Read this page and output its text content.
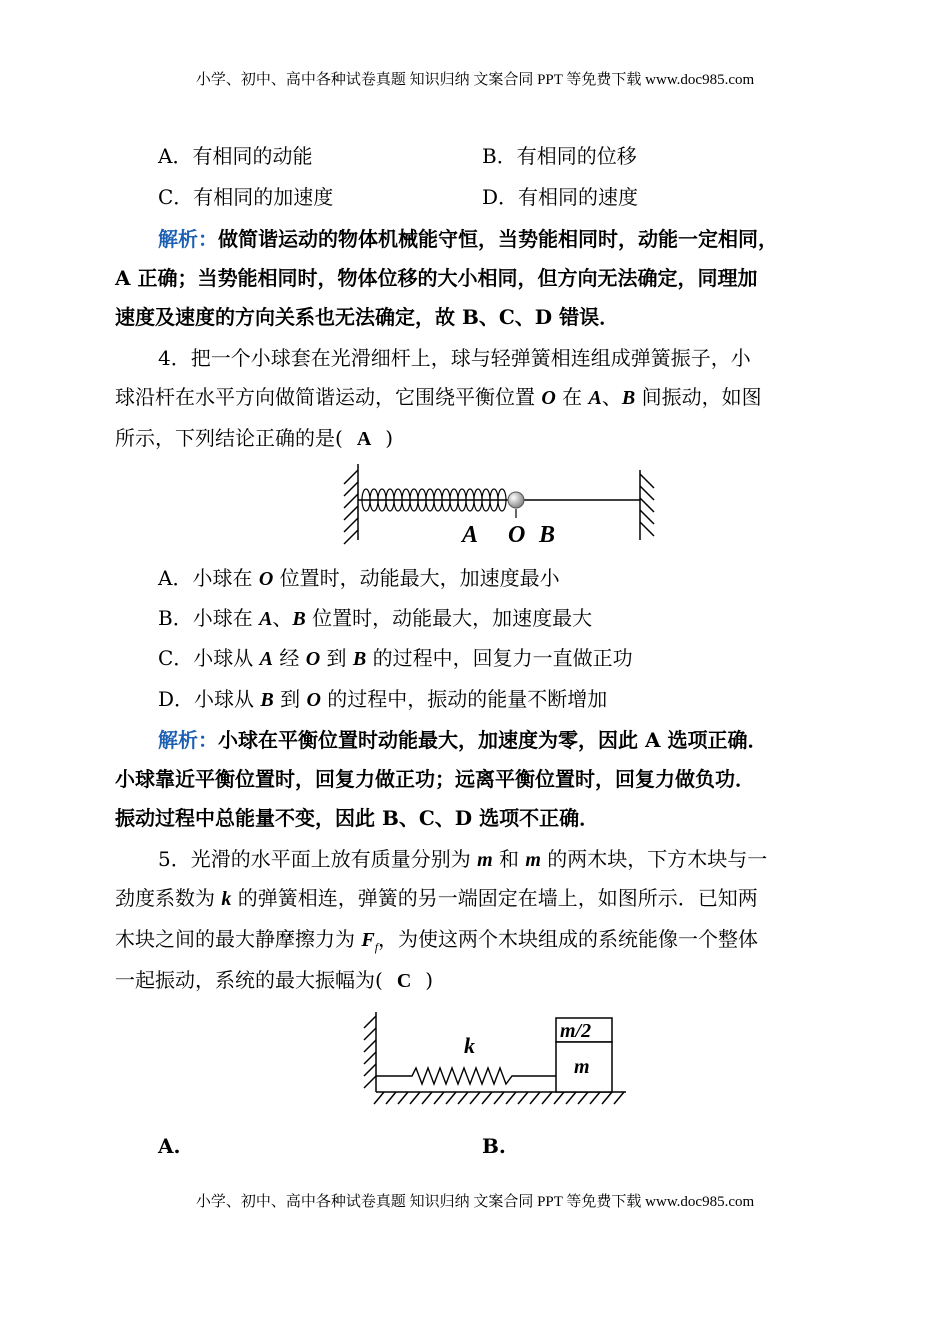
小学、初中、高中各种试卷真题 知识归纳 文案合同 PPT 等免费下载 www.doc985.com
A．有相同的动能	B．有相同的位移
C．有相同的加速度	D．有相同的速度
解析：做简谐运动的物体机械能守恒，当势能相同时，动能一定相同，
A 正确；当势能相同时，物体位移的大小相同，但方向无法确定，同理加
速度及速度的方向关系也无法确定，故 B、C、D 错误．
4．把一个小球套在光滑细杆上，球与轻弹簧相连组成弹簧振子，小
球沿杆在水平方向做简谐运动，它围绕平衡位置 O 在 A、B 间振动，如图
所示，下列结论正确的是( A )
A O B
A．小球在 O 位置时，动能最大，加速度最小
B．小球在 A、B 位置时，动能最大，加速度最大
C．小球从 A 经 O 到 B 的过程中，回复力一直做正功
D．小球从 B 到 O 的过程中，振动的能量不断增加
解析：小球在平衡位置时动能最大，加速度为零，因此 A 选项正确．
小球靠近平衡位置时，回复力做正功；远离平衡位置时，回复力做负功．
振动过程中总能量不变，因此 B、C、D 选项不正确．
5．光滑的水平面上放有质量分别为 m 和 m 的两木块，下方木块与一
劲度系数为 k 的弹簧相连，弹簧的另一端固定在墙上，如图所示．已知两
木块之间的最大静摩擦力为 $F_f$，为使这两个木块组成的系统能像一个整体
一起振动，系统的最大振幅为( C )
k
m/2
m
A.	B.
小学、初中、高中各种试卷真题 知识归纳 文案合同 PPT 等免费下载 www.doc985.com
